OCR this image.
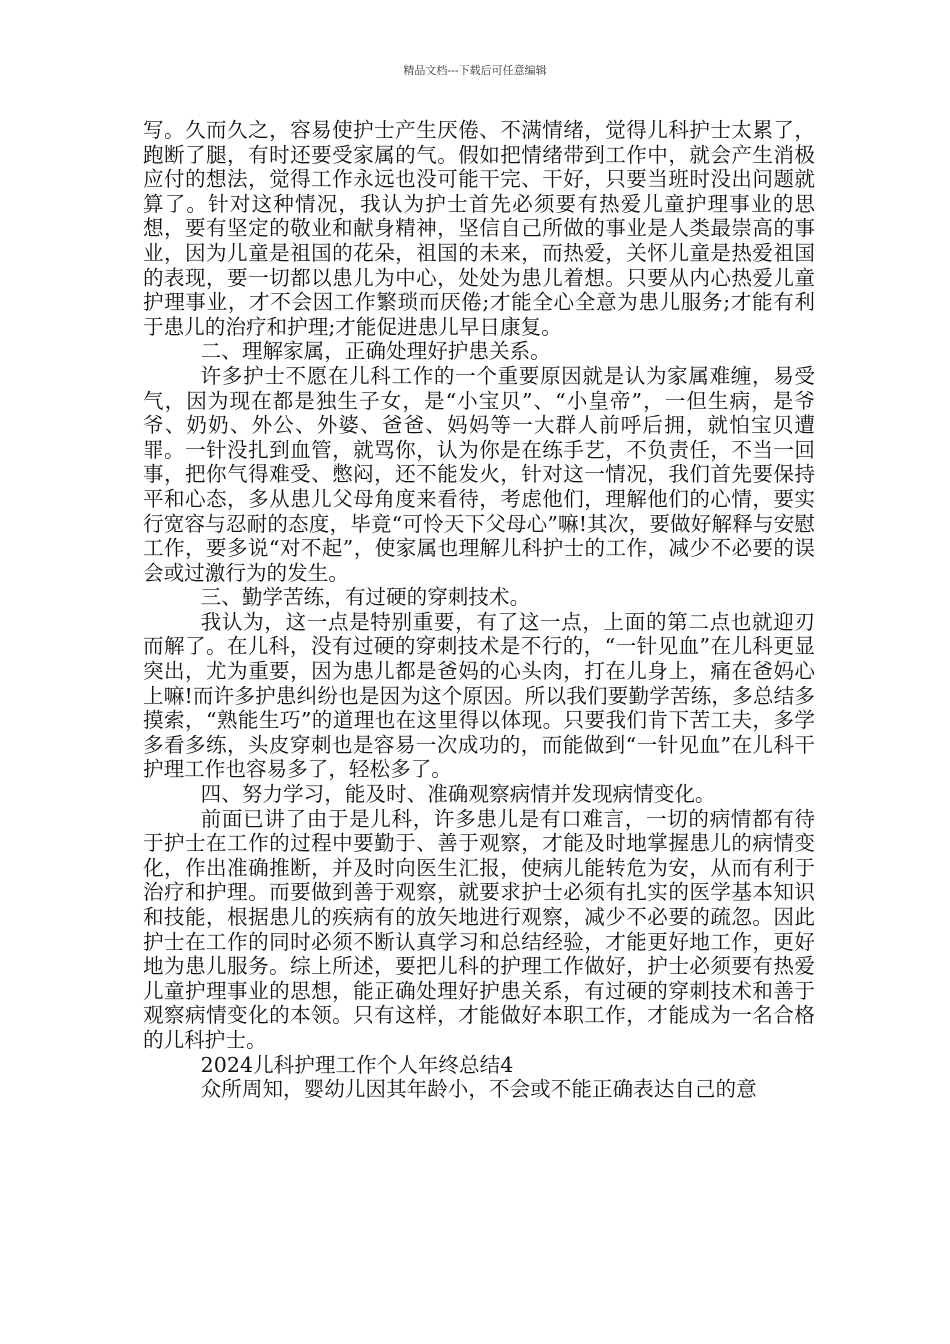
精品文档---下载后可任意编辑

写。久而久之，容易使护士产生厌倦、不满情绪，觉得儿科护士太累了，跑断了腿，有时还要受家属的气。假如把情绪带到工作中，就会产生消极应付的想法，觉得工作永远也没可能干完、干好，只要当班时没出问题就算了。针对这种情况，我认为护士首先必须要有热爱儿童护理事业的思想，要有坚定的敬业和献身精神，坚信自己所做的事业是人类最崇高的事业，因为儿童是祖国的花朵，祖国的未来，而热爱，关怀儿童是热爱祖国的表现，要一切都以患儿为中心，处处为患儿着想。只要从内心热爱儿童护理事业，才不会因工作繁琐而厌倦;才能全心全意为患儿服务;才能有利于患儿的治疗和护理;才能促进患儿早日康复。

二、理解家属，正确处理好护患关系。

许多护士不愿在儿科工作的一个重要原因就是认为家属难缠，易受气，因为现在都是独生子女，是“小宝贝”、“小皇帝”，一但生病，是爷爷、奶奶、外公、外婆、爸爸、妈妈等一大群人前呼后拥，就怕宝贝遭罪。一针没扎到血管，就骂你，认为你是在练手艺，不负责任，不当一回事，把你气得难受、憋闷，还不能发火，针对这一情况，我们首先要保持平和心态，多从患儿父母角度来看待，考虑他们，理解他们的心情，要实行宽容与忍耐的态度，毕竟“可怜天下父母心”嘛!其次，要做好解释与安慰工作，要多说“对不起”，使家属也理解儿科护士的工作，减少不必要的误会或过激行为的发生。

三、勤学苦练，有过硬的穿刺技术。

我认为，这一点是特别重要，有了这一点，上面的第二点也就迎刃而解了。在儿科，没有过硬的穿刺技术是不行的，“一针见血”在儿科更显突出，尤为重要，因为患儿都是爸妈的心头肉，打在儿身上，痛在爸妈心上嘛!而许多护患纠纷也是因为这个原因。所以我们要勤学苦练，多总结多摸索，“熟能生巧”的道理也在这里得以体现。只要我们肯下苦工夫，多学多看多练，头皮穿刺也是容易一次成功的，而能做到“一针见血”在儿科干护理工作也容易多了，轻松多了。

四、努力学习，能及时、准确观察病情并发现病情变化。

前面已讲了由于是儿科，许多患儿是有口难言，一切的病情都有待于护士在工作的过程中要勤于、善于观察，才能及时地掌握患儿的病情变化，作出准确推断，并及时向医生汇报，使病儿能转危为安，从而有利于治疗和护理。而要做到善于观察，就要求护士必须有扎实的医学基本知识和技能，根据患儿的疾病有的放矢地进行观察，减少不必要的疏忽。因此护士在工作的同时必须不断认真学习和总结经验，才能更好地工作，更好地为患儿服务。综上所述，要把儿科的护理工作做好，护士必须要有热爱儿童护理事业的思想，能正确处理好护患关系，有过硬的穿刺技术和善于观察病情变化的本领。只有这样，才能做好本职工作，才能成为一名合格的儿科护士。

2024儿科护理工作个人年终总结4

众所周知，婴幼儿因其年龄小，不会或不能正确表达自己的意
